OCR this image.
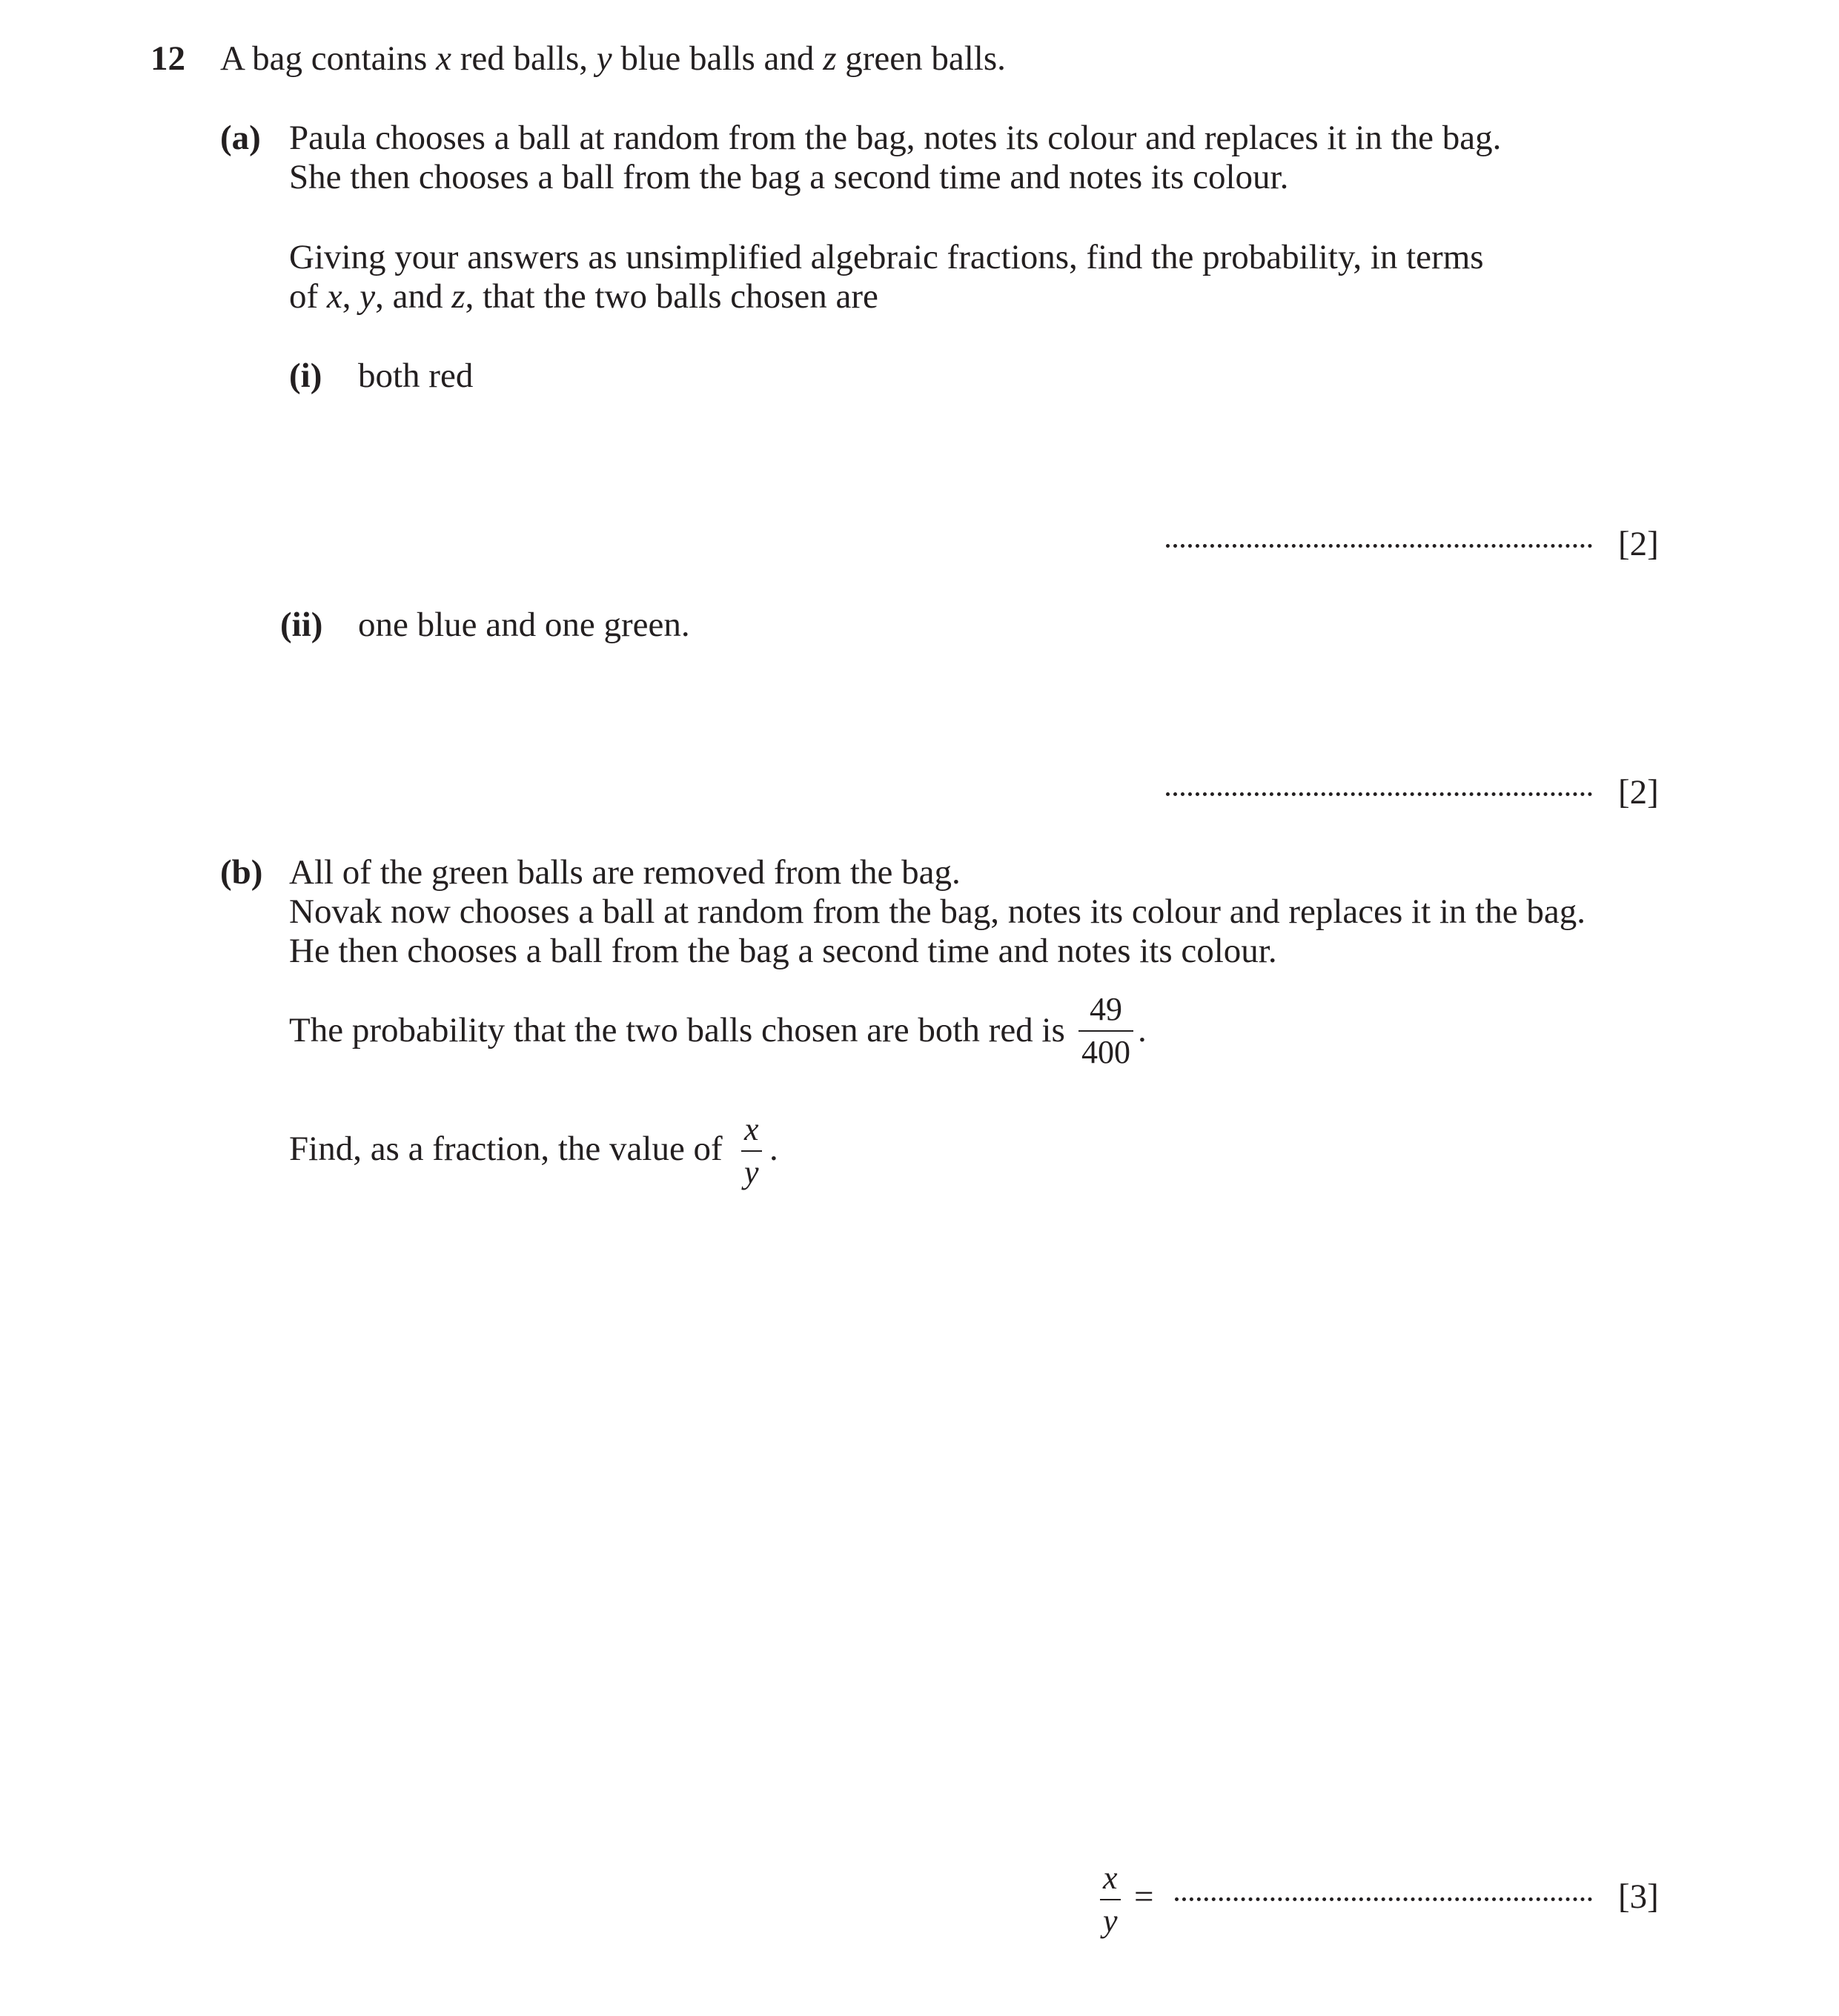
12 A bag contains x red balls, y blue balls and z green balls.
(a) Paula chooses a ball at random from the bag, notes its colour and replaces it in the bag.
She then chooses a ball from the bag a second time and notes its colour.
Giving your answers as unsimplified algebraic fractions, find the probability, in terms
of x, y, and z, that the two balls chosen are
(i) both red
[2]
(ii) one blue and one green.
[2]
(b) All of the green balls are removed from the bag.
Novak now chooses a ball at random from the bag, notes its colour and replaces it in the bag.
He then chooses a ball from the bag a second time and notes its colour.
The probability that the two balls chosen are both red is
49
400
.
Find, as a fraction, the value of
x
y
.
x
y
=	[3]
